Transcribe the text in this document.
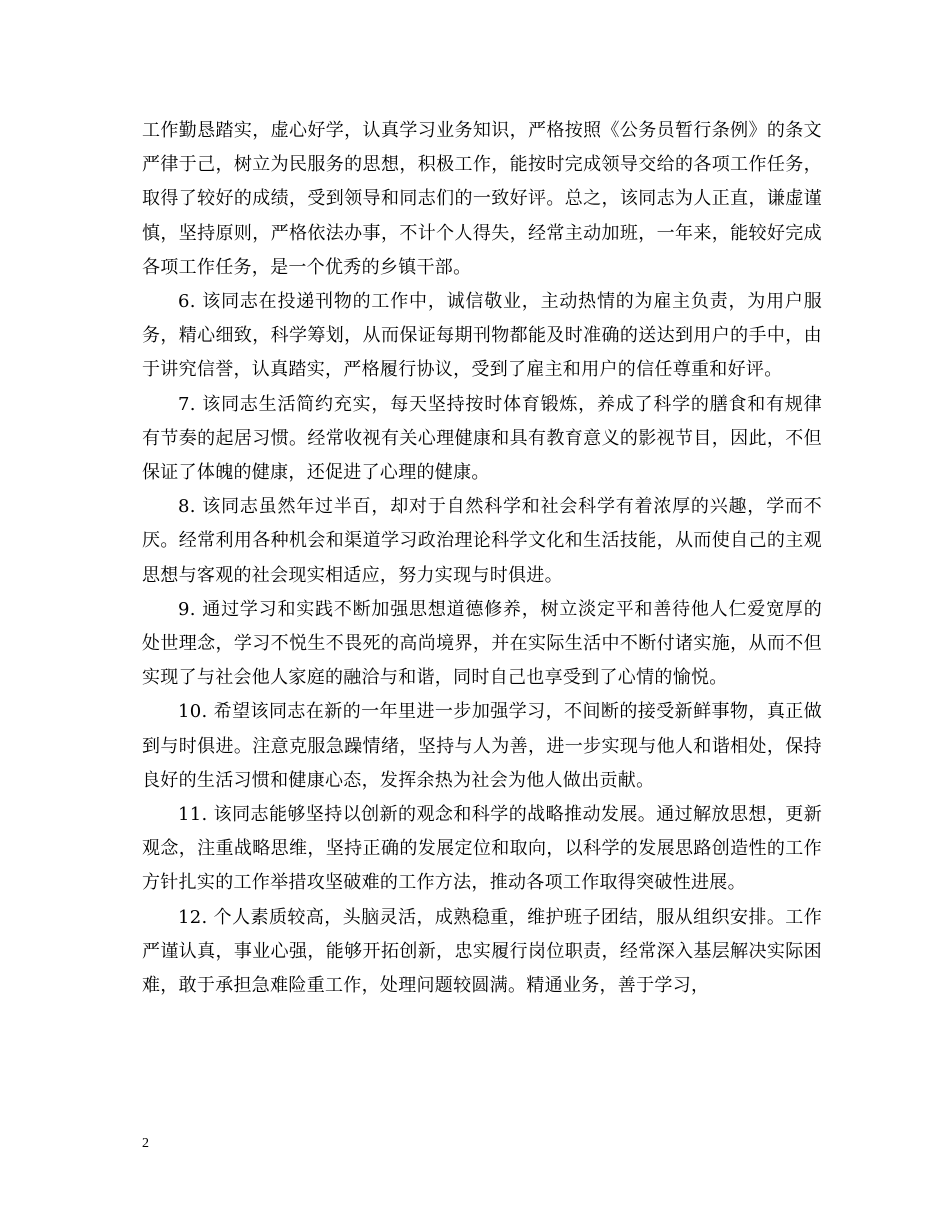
工作勤恳踏实，虚心好学，认真学习业务知识，严格按照《公务员暂行条例》的条文严律于己，树立为民服务的思想，积极工作，能按时完成领导交给的各项工作任务，取得了较好的成绩，受到领导和同志们的一致好评。总之，该同志为人正直，谦虚谨慎，坚持原则，严格依法办事，不计个人得失，经常主动加班，一年来，能较好完成各项工作任务，是一个优秀的乡镇干部。

6. 该同志在投递刊物的工作中，诚信敬业，主动热情的为雇主负责，为用户服务，精心细致，科学筹划，从而保证每期刊物都能及时准确的送达到用户的手中，由于讲究信誉，认真踏实，严格履行协议，受到了雇主和用户的信任尊重和好评。

7. 该同志生活简约充实，每天坚持按时体育锻炼，养成了科学的膳食和有规律有节奏的起居习惯。经常收视有关心理健康和具有教育意义的影视节目，因此，不但保证了体魄的健康，还促进了心理的健康。

8. 该同志虽然年过半百，却对于自然科学和社会科学有着浓厚的兴趣，学而不厌。经常利用各种机会和渠道学习政治理论科学文化和生活技能，从而使自己的主观思想与客观的社会现实相适应，努力实现与时俱进。

9. 通过学习和实践不断加强思想道德修养，树立淡定平和善待他人仁爱宽厚的处世理念，学习不悦生不畏死的高尚境界，并在实际生活中不断付诸实施，从而不但实现了与社会他人家庭的融洽与和谐，同时自己也享受到了心情的愉悦。

10. 希望该同志在新的一年里进一步加强学习，不间断的接受新鲜事物，真正做到与时俱进。注意克服急躁情绪，坚持与人为善，进一步实现与他人和谐相处，保持良好的生活习惯和健康心态，发挥余热为社会为他人做出贡献。

11. 该同志能够坚持以创新的观念和科学的战略推动发展。通过解放思想，更新观念，注重战略思维，坚持正确的发展定位和取向，以科学的发展思路创造性的工作方针扎实的工作举措攻坚破难的工作方法，推动各项工作取得突破性进展。

12. 个人素质较高，头脑灵活，成熟稳重，维护班子团结，服从组织安排。工作严谨认真，事业心强，能够开拓创新，忠实履行岗位职责，经常深入基层解决实际困难，敢于承担急难险重工作，处理问题较圆满。精通业务，善于学习，

2
